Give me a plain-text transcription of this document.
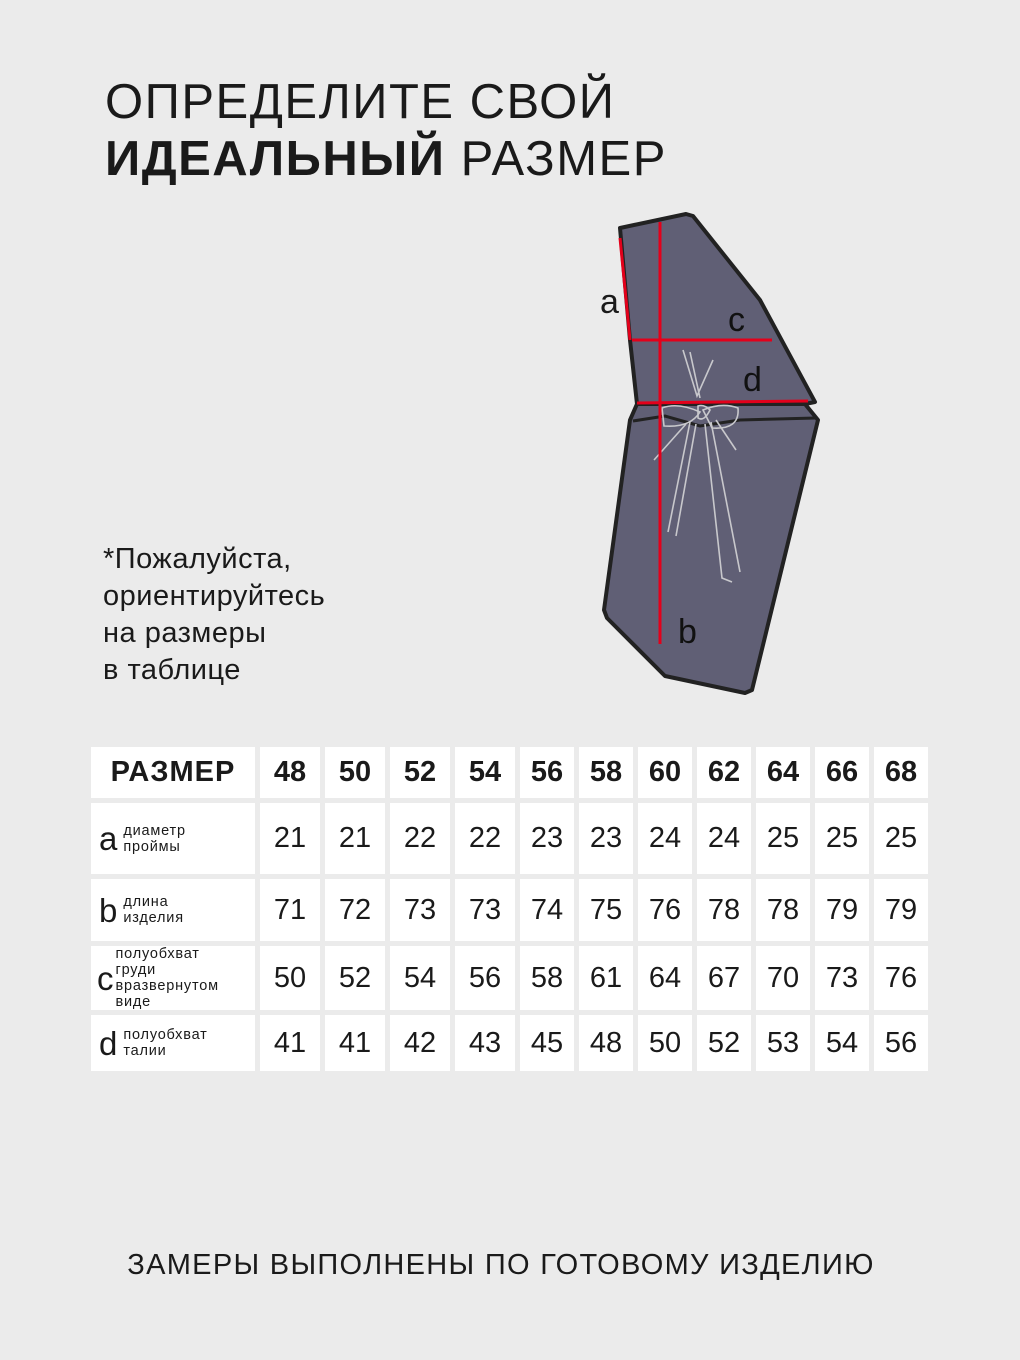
ОПРЕДЕЛИТЕ СВОЙ
ИДЕАЛЬНЫЙ РАЗМЕР
a	c
d
b
*Пожалуйста,
ориентируйтесь
на размеры
в таблице
РАЗМЕР	48	50	52	54	56	58	60	62	64	66	68

a диаметр
проймы	21	21	22	22	23	23	24	24	25	25	25

b длина
изделия	71	72	73	73	74	75	76	78	78	79	79

c
полуобхват
груди
вразвернутом
виде	50	52	54	56	58	61	64	67	70	73	76

d полуобхват
талии	41	41	42	43	45	48	50	52	53	54	56
ЗАМЕРЫ ВЫПОЛНЕНЫ ПО ГОТОВОМУ ИЗДЕЛИЮ
